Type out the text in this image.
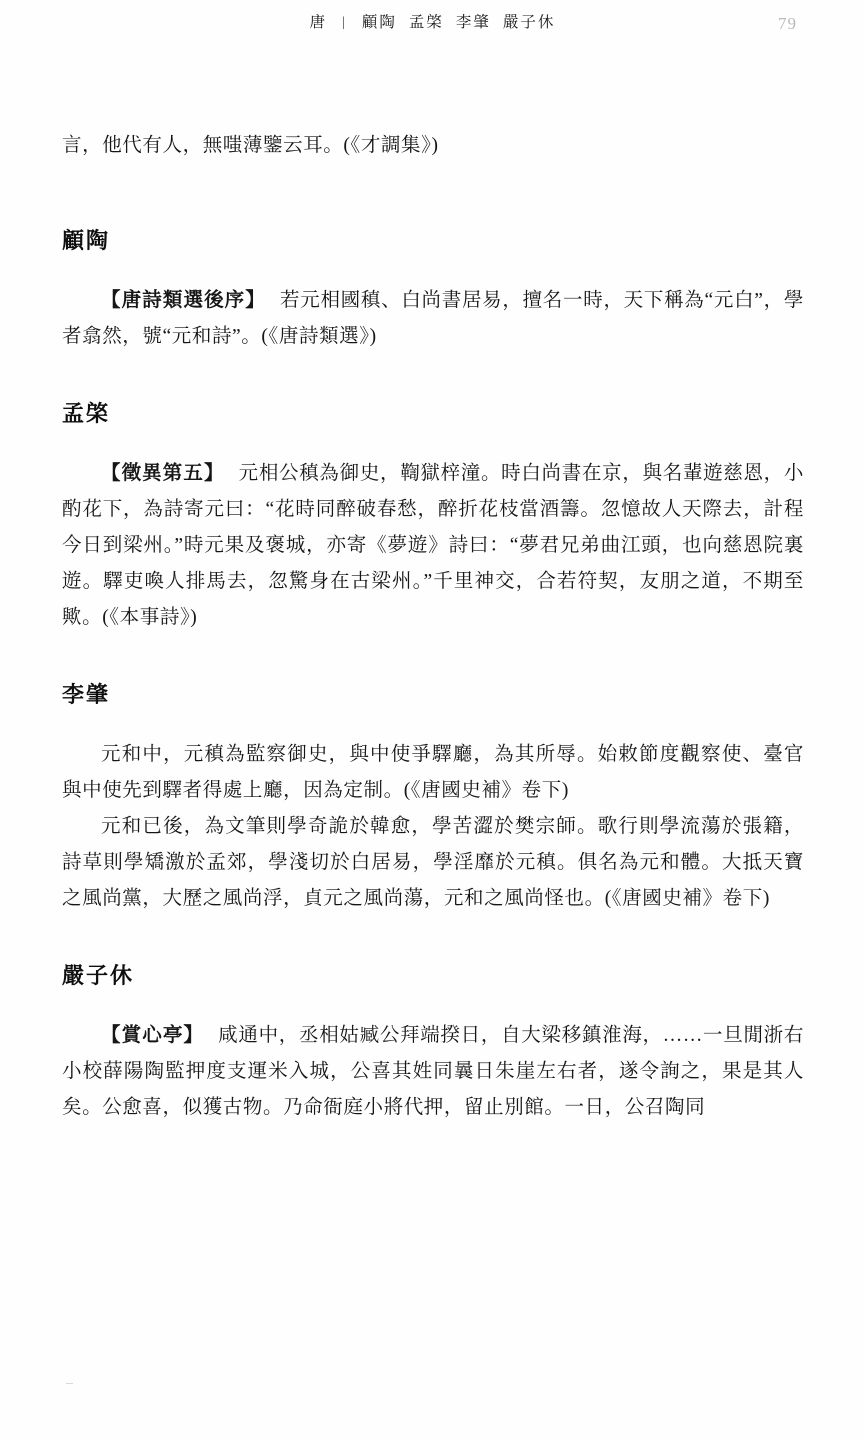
唐 | 顧陶 孟棨 李肇 嚴子休	79

言，他代有人，無嗤薄鑒云耳。(《才調集》)

顧陶

【唐詩類選後序】 若元相國稹、白尚書居易，擅名一時，天下稱為“元白”，學者翕然，號“元和詩”。(《唐詩類選》)

孟棨

【徵異第五】 元相公稹為御史，鞫獄梓潼。時白尚書在京，與名輩遊慈恩，小酌花下，為詩寄元曰：“花時同醉破春愁，醉折花枝當酒籌。忽憶故人天際去，計程今日到梁州。”時元果及褒城，亦寄《夢遊》詩曰：“夢君兄弟曲江頭，也向慈恩院裏遊。驛吏喚人排馬去，忽驚身在古梁州。”千里神交，合若符契，友朋之道，不期至歟。(《本事詩》)

李肇

元和中，元稹為監察御史，與中使爭驛廳，為其所辱。始敕節度觀察使、臺官與中使先到驛者得處上廳，因為定制。(《唐國史補》卷下)

元和已後，為文筆則學奇詭於韓愈，學苦澀於樊宗師。歌行則學流蕩於張籍，詩草則學矯激於孟郊，學淺切於白居易，學淫靡於元稹。俱名為元和體。大抵天寶之風尚黨，大歷之風尚浮，貞元之風尚蕩，元和之風尚怪也。(《唐國史補》卷下)

嚴子休

【賞心亭】 咸通中，丞相姑臧公拜端揆日，自大梁移鎮淮海，……一旦閒浙右小校薛陽陶監押度支運米入城，公喜其姓同曩日朱崖左右者，遂令詢之，果是其人矣。公愈喜，似獲古物。乃命衙庭小將代押，留止別館。一日，公召陶同
